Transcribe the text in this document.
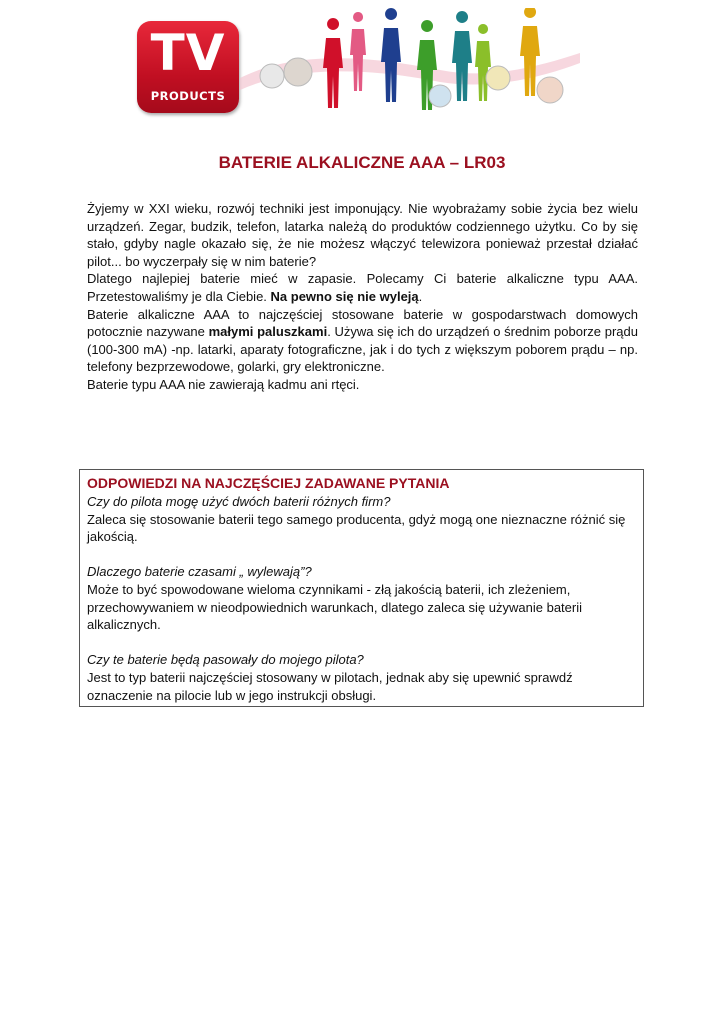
TV
PRODUCTS
BATERIE ALKALICZNE AAA – LR03

Żyjemy w XXI wieku, rozwój techniki jest imponujący. Nie wyobrażamy sobie życia bez wielu urządzeń. Zegar, budzik, telefon, latarka należą do produktów codziennego użytku. Co by się stało, gdyby nagle okazało się, że nie możesz włączyć telewizora ponieważ przestał działać pilot... bo wyczerpały się w nim baterie?

Dlatego najlepiej baterie mieć w zapasie. Polecamy Ci baterie alkaliczne typu AAA. Przetestowaliśmy je dla Ciebie. Na pewno się nie wyleją.

Baterie alkaliczne AAA to najczęściej stosowane baterie w gospodarstwach domowych potocznie nazywane małymi paluszkami. Używa się ich do urządzeń o średnim poborze prądu (100-300 mA) -np. latarki, aparaty fotograficzne, jak i do tych z większym poborem prądu – np. telefony bezprzewodowe, golarki, gry elektroniczne.

Baterie typu AAA nie zawierają kadmu ani rtęci.

ODPOWIEDZI NA NAJCZĘŚCIEJ ZADAWANE PYTANIA

Czy do pilota mogę użyć dwóch baterii różnych firm?

Zaleca się stosowanie baterii tego samego producenta, gdyż mogą one nieznaczne różnić się jakością.

Dlaczego baterie czasami „ wylewają”?

Może to być spowodowane wieloma czynnikami - złą jakością baterii, ich zleżeniem, przechowywaniem w nieodpowiednich warunkach, dlatego zaleca się używanie baterii alkalicznych.

Czy te baterie będą pasowały do mojego pilota?

Jest to typ baterii najczęściej stosowany w pilotach, jednak aby się upewnić sprawdź oznaczenie na pilocie lub w jego instrukcji obsługi.
